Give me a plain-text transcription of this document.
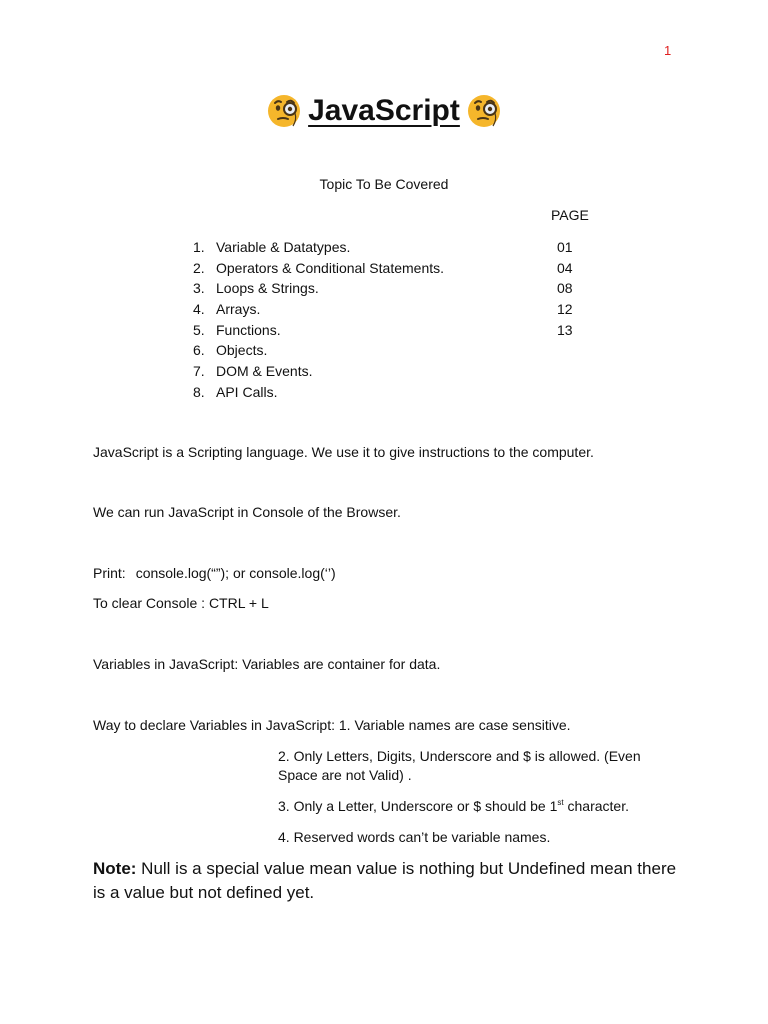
1
JavaScript
Topic To Be Covered
PAGE
1. Variable & Datatypes.	01
2. Operators & Conditional Statements.	04
3. Loops & Strings.	08
4. Arrays.	12
5. Functions.	13
6. Objects.
7. DOM & Events.
8. API Calls.
JavaScript is a Scripting language. We use it to give instructions to the computer.
We can run JavaScript in Console of the Browser.
Print: console.log(“”); or console.log(‘’)
To clear Console : CTRL + L
Variables in JavaScript: Variables are container for data.
Way to declare Variables in JavaScript: 1. Variable names are case sensitive.
2. Only Letters, Digits, Underscore and $ is allowed. (Even Space are not Valid) .
3. Only a Letter, Underscore or $ should be 1st character.
4. Reserved words can’t be variable names.
Note: Null is a special value mean value is nothing but Undefined mean there is a value but not defined yet.
